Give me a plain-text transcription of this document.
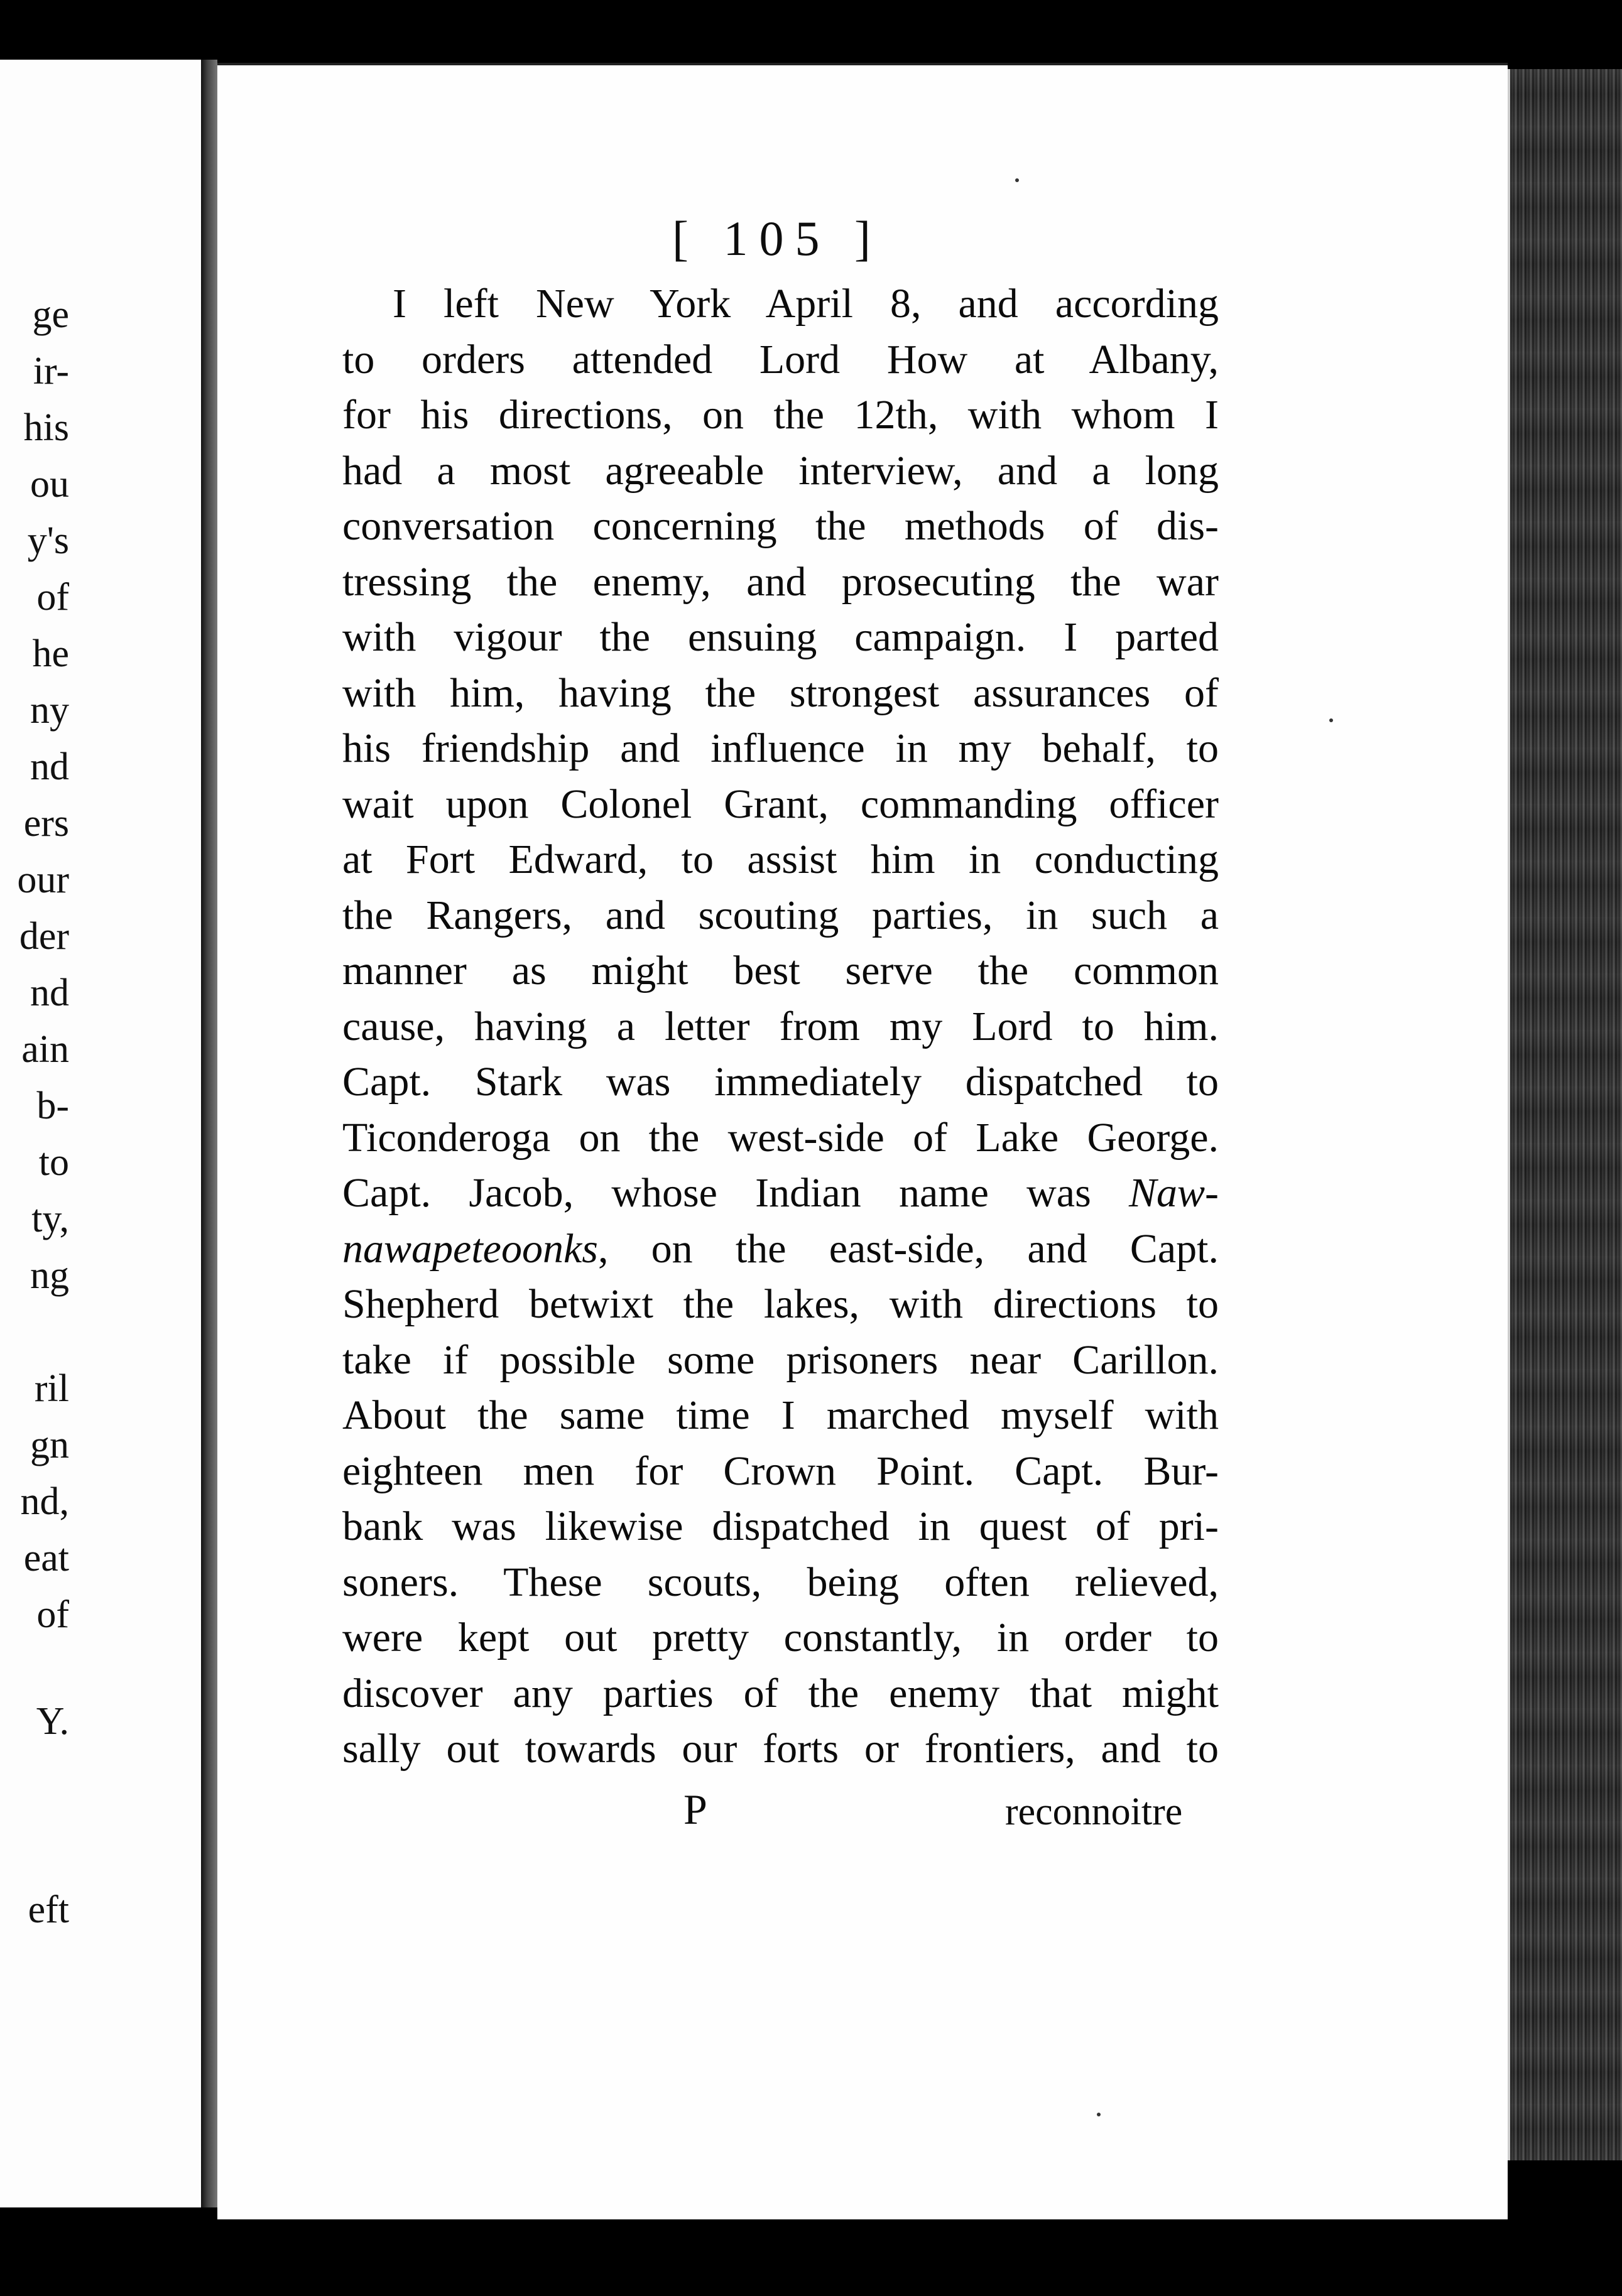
ge
ir-
his
ou
y's
of
he
ny
nd
ers
our
der
nd
ain
b-
to
ty,
ng
ril
gn
nd,
eat
of
Y.
eft
[ 105 ]
I left New York April 8, and according
to orders attended Lord How at Albany,
for his directions, on the 12th, with whom I
had a most agreeable interview, and a long
conversation concerning the methods of dis-
tressing the enemy, and prosecuting the war
with vigour the ensuing campaign. I parted
with him, having the strongest assurances of
his friendship and influence in my behalf, to
wait upon Colonel Grant, commanding officer
at Fort Edward, to assist him in conducting
the Rangers, and scouting parties, in such a
manner as might best serve the common
cause, having a letter from my Lord to him.
Capt. Stark was immediately dispatched to
Ticonderoga on the west-side of Lake George.
Capt. Jacob, whose Indian name was Naw-
nawapeteoonks, on the east-side, and Capt.
Shepherd betwixt the lakes, with directions to
take if possible some prisoners near Carillon.
About the same time I marched myself with
eighteen men for Crown Point. Capt. Bur-
bank was likewise dispatched in quest of pri-
soners. These scouts, being often relieved,
were kept out pretty constantly, in order to
discover any parties of the enemy that might
sally out towards our forts or frontiers, and to
P	reconnoitre
